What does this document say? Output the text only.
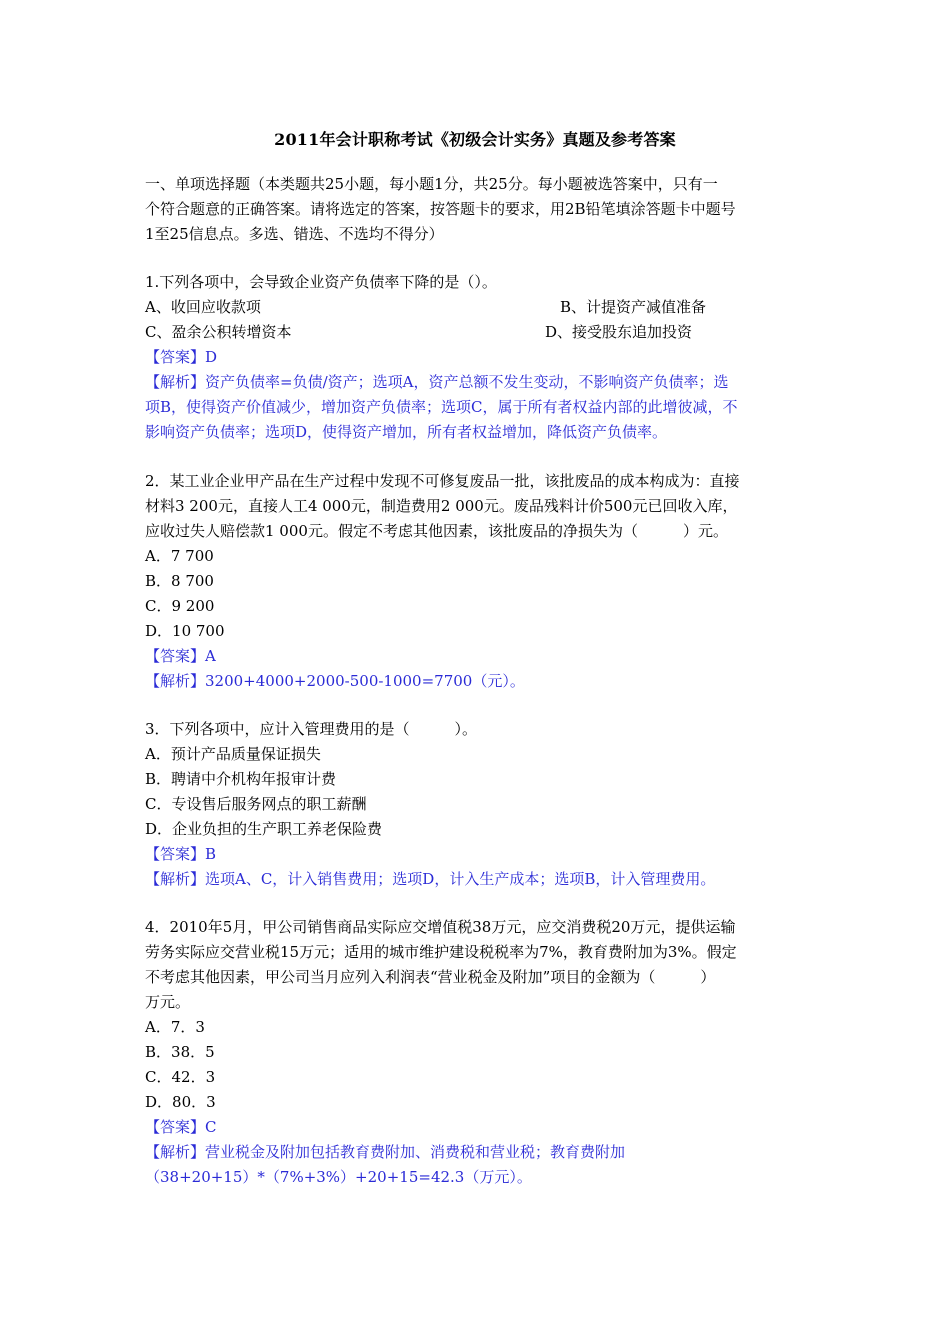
2011年会计职称考试《初级会计实务》真题及参考答案
一、单项选择题（本类题共25小题，每小题1分，共25分。每小题被选答案中，只有一
个符合题意的正确答案。请将选定的答案，按答题卡的要求，用2B铅笔填涂答题卡中题号
1至25信息点。多选、错选、不选均不得分）
1.下列各项中，会导致企业资产负债率下降的是（）。
A、收回应收款项	B、计提资产减值准备
C、盈余公积转增资本	D、接受股东追加投资
【答案】D
【解析】资产负债率=负债/资产；选项A，资产总额不发生变动，不影响资产负债率；选
项B，使得资产价值减少，增加资产负债率；选项C，属于所有者权益内部的此增彼减，不
影响资产负债率；选项D，使得资产增加，所有者权益增加，降低资产负债率。
2．某工业企业甲产品在生产过程中发现不可修复废品一批，该批废品的成本构成为：直接
材料3 200元，直接人工4 000元，制造费用2 000元。废品残料计价500元已回收入库，
应收过失人赔偿款1 000元。假定不考虑其他因素，该批废品的净损失为（　　　）元。
A．7 700
B．8 700
C．9 200
D．10 700
【答案】A
【解析】3200+4000+2000-500-1000=7700（元）。
3．下列各项中，应计入管理费用的是（　　　）。
A．预计产品质量保证损失
B．聘请中介机构年报审计费
C．专设售后服务网点的职工薪酬
D．企业负担的生产职工养老保险费
【答案】B
【解析】选项A、C，计入销售费用；选项D，计入生产成本；选项B，计入管理费用。
4．2010年5月，甲公司销售商品实际应交增值税38万元，应交消费税20万元，提供运输
劳务实际应交营业税15万元；适用的城市维护建设税税率为7%，教育费附加为3%。假定
不考虑其他因素，甲公司当月应列入利润表“营业税金及附加”项目的金额为（　　　）
万元。
A．7．3
B．38．5
C．42．3
D．80．3
【答案】C
【解析】营业税金及附加包括教育费附加、消费税和营业税；教育费附加
（38+20+15）*（7%+3%）+20+15=42.3（万元）。
